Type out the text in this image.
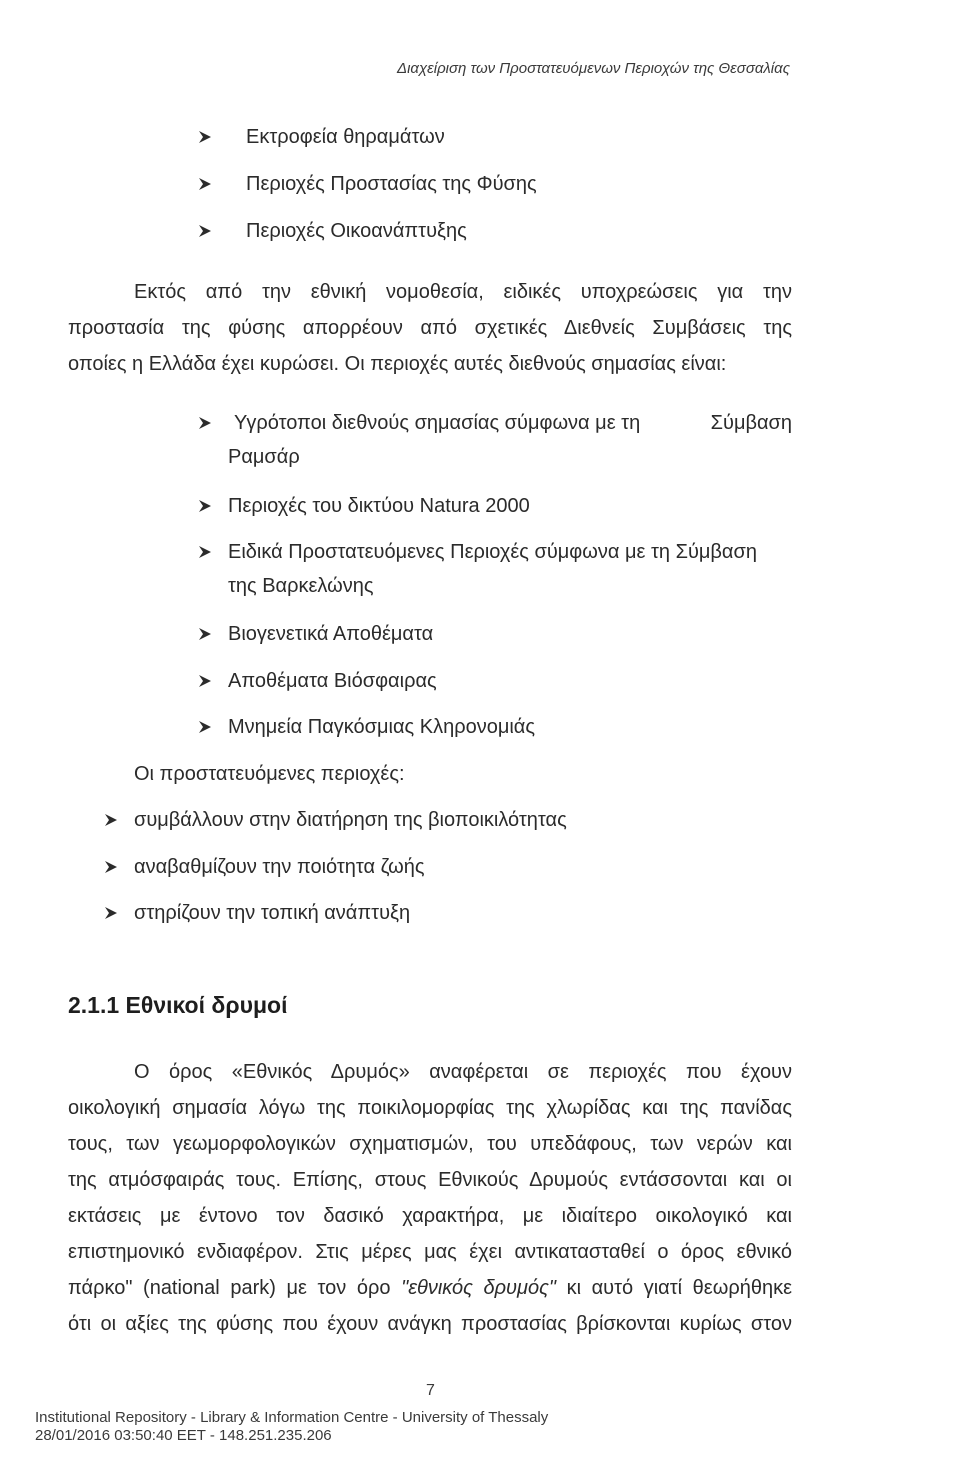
Διαχείριση των Προστατευόμενων Περιοχών της Θεσσαλίας
Εκτροφεία θηραμάτων
Περιοχές Προστασίας της Φύσης
Περιοχές Οικοανάπτυξης
Εκτός από την εθνική νομοθεσία, ειδικές υποχρεώσεις για την
προστασία της φύσης απορρέουν από σχετικές Διεθνείς Συμβάσεις της
οποίες η Ελλάδα έχει κυρώσει. Οι περιοχές αυτές διεθνούς σημασίας είναι:
Υγρότοποι διεθνούς σημασίας σύμφωνα με τη	Σύμβαση
Ραμσάρ
Περιοχές του δικτύου Natura 2000
Ειδικά Προστατευόμενες Περιοχές σύμφωνα με τη Σύμβαση
της Βαρκελώνης
Βιογενετικά Αποθέματα
Αποθέματα Βιόσφαιρας
Μνημεία Παγκόσμιας Κληρονομιάς
Οι προστατευόμενες περιοχές:
συμβάλλουν στην διατήρηση της βιοποικιλότητας
αναβαθμίζουν την ποιότητα ζωής
στηρίζουν την τοπική ανάπτυξη
2.1.1 Εθνικοί δρυμοί
Ο όρος «Εθνικός Δρυμός» αναφέρεται σε περιοχές που έχουν
οικολογική σημασία λόγω της ποικιλομορφίας της χλωρίδας και της πανίδας
τους, των γεωμορφολογικών σχηματισμών, του υπεδάφους, των νερών και
της ατμόσφαιράς τους. Επίσης, στους Εθνικούς Δρυμούς εντάσσονται και οι
εκτάσεις με έντονο τον δασικό χαρακτήρα, με ιδιαίτερο οικολογικό και
επιστημονικό ενδιαφέρον. Στις μέρες μας έχει αντικατασταθεί ο όρος εθνικό
πάρκο" (national park) με τον όρο "εθνικός δρυμός" κι αυτό γιατί θεωρήθηκε
ότι οι αξίες της φύσης που έχουν ανάγκη προστασίας βρίσκονται κυρίως στον
7
Institutional Repository - Library & Information Centre - University of Thessaly
28/01/2016 03:50:40 EET - 148.251.235.206
